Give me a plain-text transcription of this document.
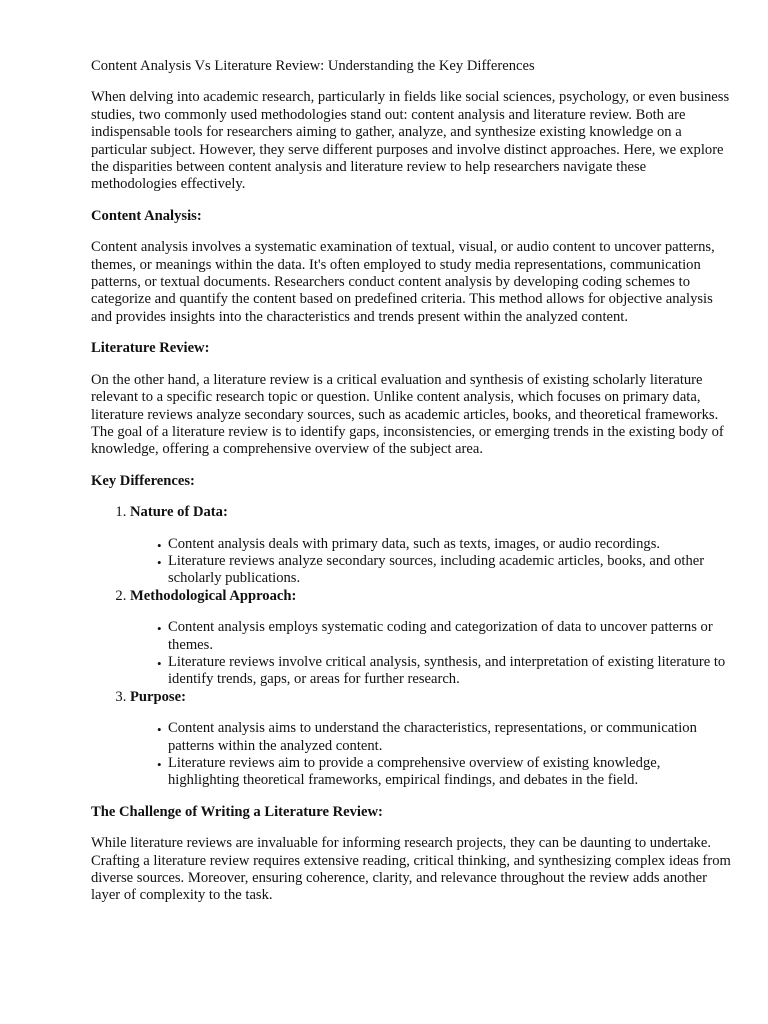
Content Analysis Vs Literature Review: Understanding the Key Differences

When delving into academic research, particularly in fields like social sciences, psychology, or even business studies, two commonly used methodologies stand out: content analysis and literature review. Both are indispensable tools for researchers aiming to gather, analyze, and synthesize existing knowledge on a particular subject. However, they serve different purposes and involve distinct approaches. Here, we explore the disparities between content analysis and literature review to help researchers navigate these methodologies effectively.

Content Analysis:

Content analysis involves a systematic examination of textual, visual, or audio content to uncover patterns, themes, or meanings within the data. It's often employed to study media representations, communication patterns, or textual documents. Researchers conduct content analysis by developing coding schemes to categorize and quantify the content based on predefined criteria. This method allows for objective analysis and provides insights into the characteristics and trends present within the analyzed content.

Literature Review:

On the other hand, a literature review is a critical evaluation and synthesis of existing scholarly literature relevant to a specific research topic or question. Unlike content analysis, which focuses on primary data, literature reviews analyze secondary sources, such as academic articles, books, and theoretical frameworks. The goal of a literature review is to identify gaps, inconsistencies, or emerging trends in the existing body of knowledge, offering a comprehensive overview of the subject area.

Key Differences:
1. Nature of Data:
• Content analysis deals with primary data, such as texts, images, or audio recordings.
• Literature reviews analyze secondary sources, including academic articles, books, and other scholarly publications.
2. Methodological Approach:
• Content analysis employs systematic coding and categorization of data to uncover patterns or themes.
• Literature reviews involve critical analysis, synthesis, and interpretation of existing literature to identify trends, gaps, or areas for further research.
3. Purpose:
• Content analysis aims to understand the characteristics, representations, or communication patterns within the analyzed content.
• Literature reviews aim to provide a comprehensive overview of existing knowledge, highlighting theoretical frameworks, empirical findings, and debates in the field.
The Challenge of Writing a Literature Review:

While literature reviews are invaluable for informing research projects, they can be daunting to undertake. Crafting a literature review requires extensive reading, critical thinking, and synthesizing complex ideas from diverse sources. Moreover, ensuring coherence, clarity, and relevance throughout the review adds another layer of complexity to the task.
